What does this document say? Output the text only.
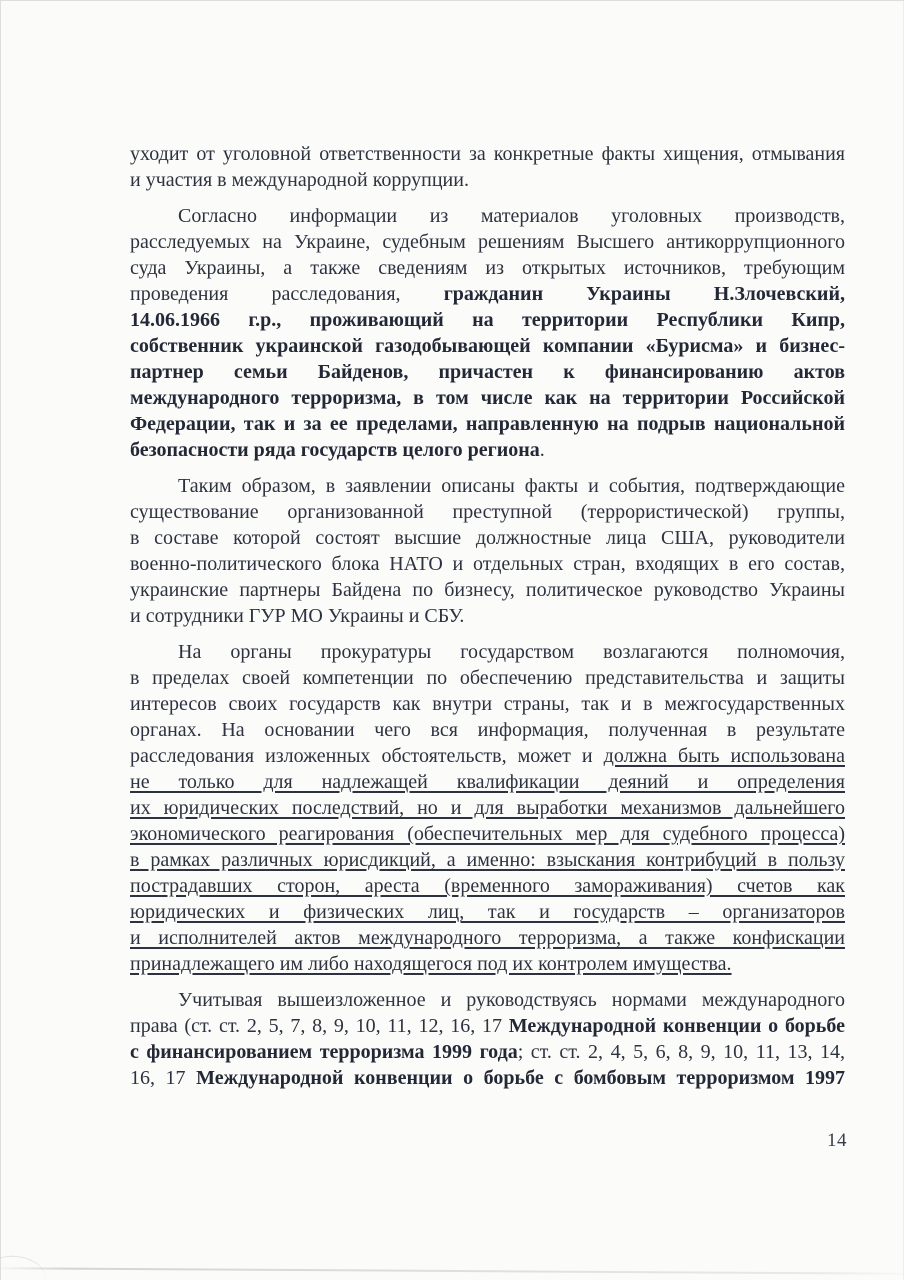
уходит от уголовной ответственности за конкретные факты хищения, отмывания
и участия в международной коррупции.
Согласно информации из материалов уголовных производств,
расследуемых на Украине, судебным решениям Высшего антикоррупционного
суда Украины, а также сведениям из открытых источников, требующим
проведения расследования, гражданин Украины Н.Злочевский,
14.06.1966 г.р., проживающий на территории Республики Кипр,
собственник украинской газодобывающей компании «Бурисма» и бизнес-
партнер семьи Байденов, причастен к финансированию актов
международного терроризма, в том числе как на территории Российской
Федерации, так и за ее пределами, направленную на подрыв национальной
безопасности ряда государств целого региона.
Таким образом, в заявлении описаны факты и события, подтверждающие
существование организованной преступной (террористической) группы,
в составе которой состоят высшие должностные лица США, руководители
военно-политического блока НАТО и отдельных стран, входящих в его состав,
украинские партнеры Байдена по бизнесу, политическое руководство Украины
и сотрудники ГУР МО Украины и СБУ.
На органы прокуратуры государством возлагаются полномочия,
в пределах своей компетенции по обеспечению представительства и защиты
интересов своих государств как внутри страны, так и в межгосударственных
органах. На основании чего вся информация, полученная в результате
расследования изложенных обстоятельств, может и должна быть использована
не только для надлежащей квалификации деяний и определения
их юридических последствий, но и для выработки механизмов дальнейшего
экономического реагирования (обеспечительных мер для судебного процесса)
в рамках различных юрисдикций, а именно: взыскания контрибуций в пользу
пострадавших сторон, ареста (временного замораживания) счетов как
юридических и физических лиц, так и государств – организаторов
и исполнителей актов международного терроризма, а также конфискации
принадлежащего им либо находящегося под их контролем имущества.
Учитывая вышеизложенное и руководствуясь нормами международного
права (ст. ст. 2, 5, 7, 8, 9, 10, 11, 12, 16, 17 Международной конвенции о борьбе
с финансированием терроризма 1999 года; ст. ст. 2, 4, 5, 6, 8, 9, 10, 11, 13, 14,
16, 17 Международной конвенции о борьбе с бомбовым терроризмом 1997
14
